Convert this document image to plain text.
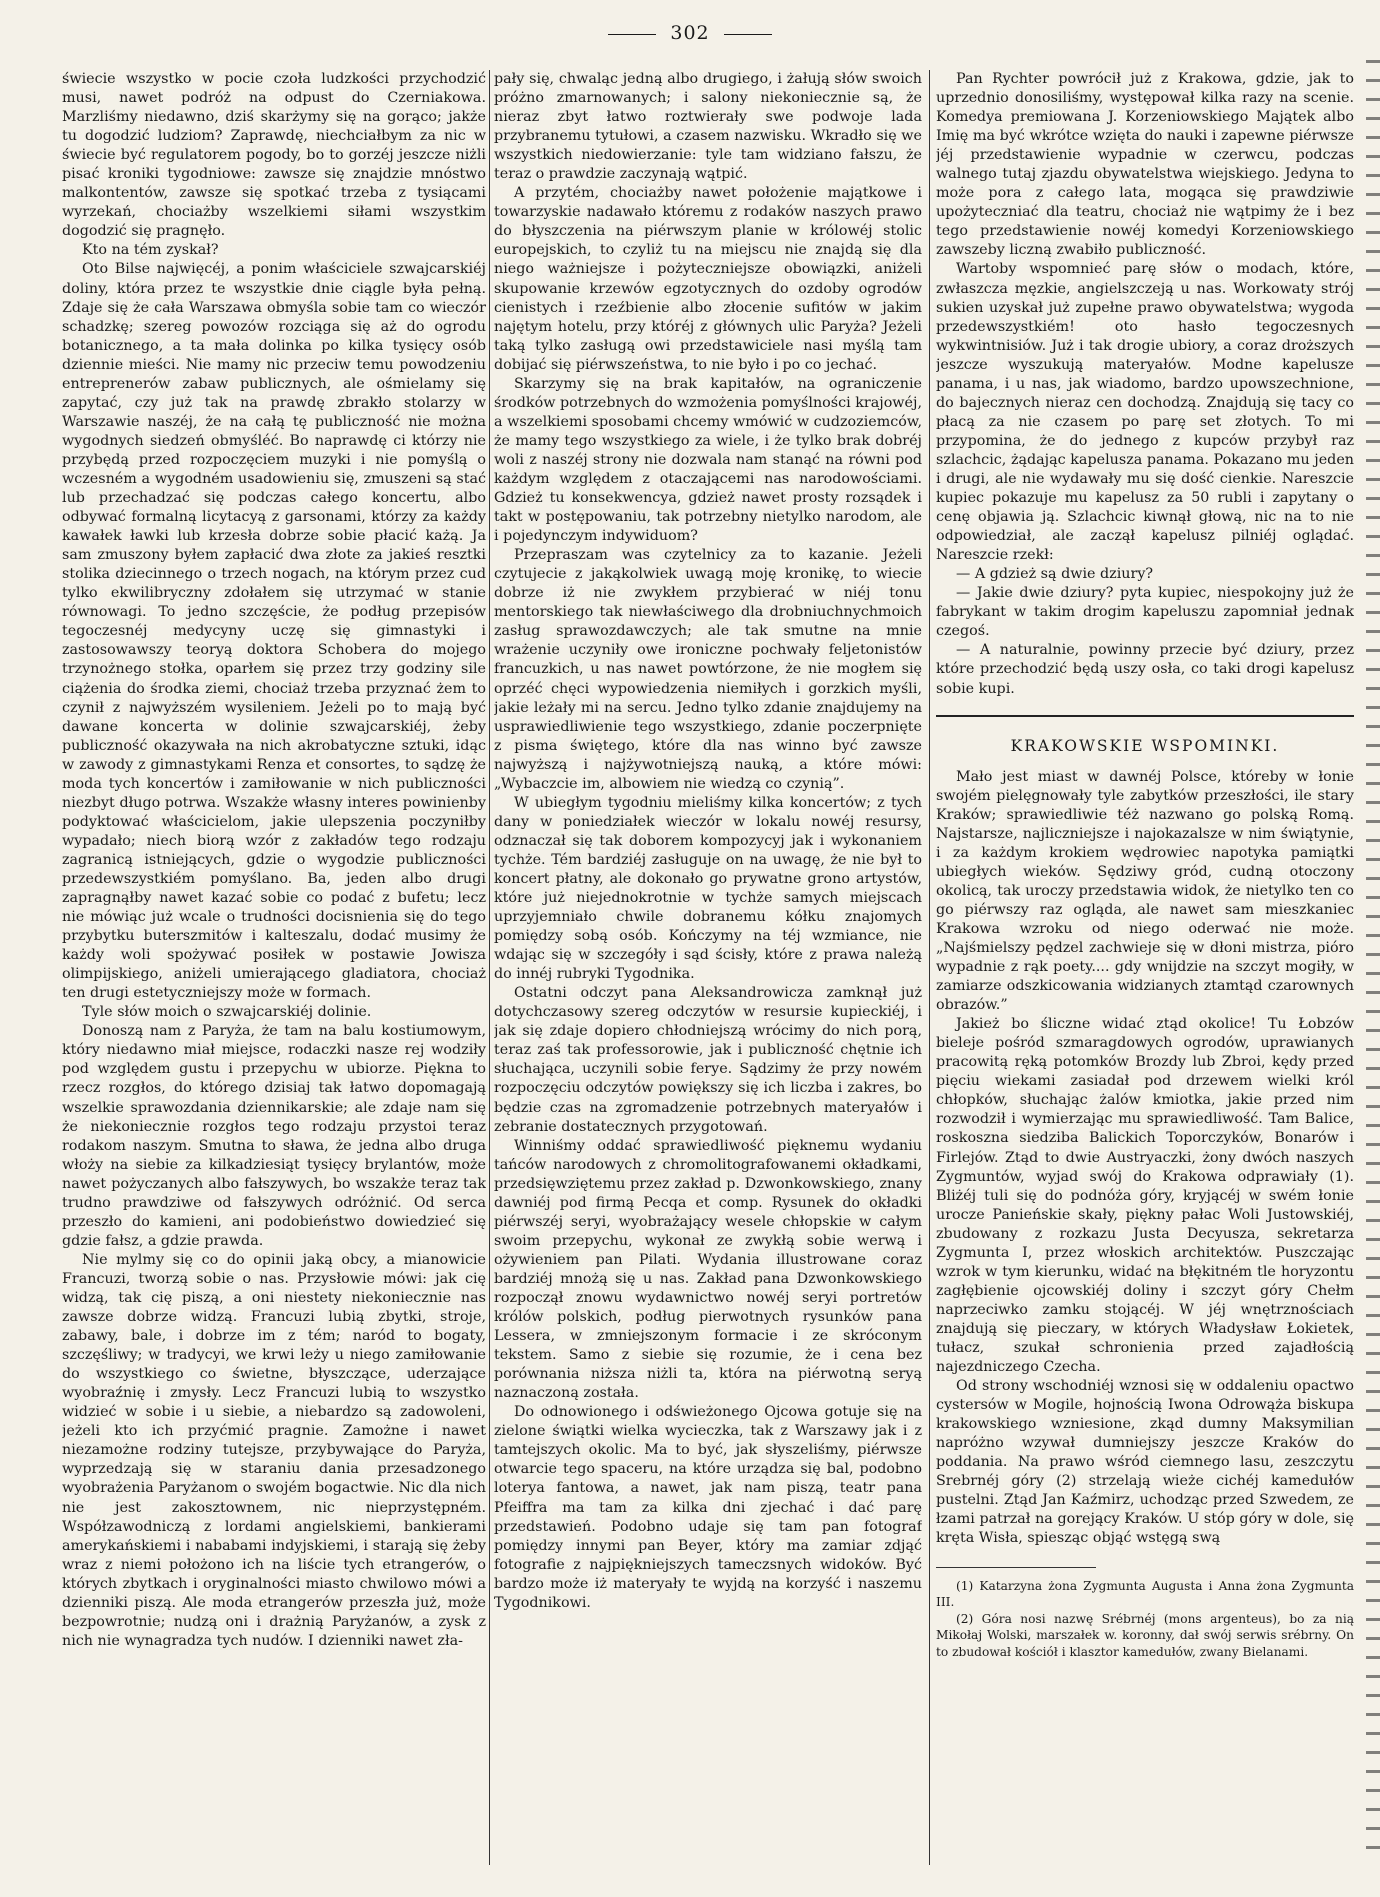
302

świecie wszystko w pocie czoła ludzkości przychodzić musi, nawet podróż na odpust do Czerniakowa. Marzliśmy niedawno, dziś skarżymy się na gorąco; jakże tu dogodzić ludziom? Zaprawdę, niechciałbym za nic w świecie być regulatorem pogody, bo to gorzéj jeszcze niżli pisać kroniki tygodniowe: zawsze się znajdzie mnóstwo malkontentów, zawsze się spotkać trzeba z tysiącami wyrzekań, chociażby wszelkiemi siłami wszystkim dogodzić się pragnęło.

Kto na tém zyskał?

Oto Bilse najwięcéj, a ponim właściciele szwajcarskiéj doliny, która przez te wszystkie dnie ciągle była pełną. Zdaje się że cała Warszawa obmyśla sobie tam co wieczór schadzkę; szereg powozów rozciąga się aż do ogrodu botanicznego, a ta mała dolinka po kilka tysięcy osób dziennie mieści. Nie mamy nic przeciw temu powodzeniu entreprenerów zabaw publicznych, ale ośmielamy się zapytać, czy już tak na prawdę zbrakło stolarzy w Warszawie naszéj, że na całą tę publiczność nie można wygodnych siedzeń obmyśléć. Bo naprawdę ci którzy nie przybędą przed rozpoczęciem muzyki i nie pomyślą o wczesném a wygodném usadowieniu się, zmuszeni są stać lub przechadzać się podczas całego koncertu, albo odbywać formalną licytacyą z garsonami, którzy za każdy kawałek ławki lub krzesła dobrze sobie płacić każą. Ja sam zmuszony byłem zapłacić dwa złote za jakieś resztki stolika dziecinnego o trzech nogach, na którym przez cud tylko ekwilibryczny zdołałem się utrzymać w stanie równowagi. To jedno szczęście, że podług przepisów tegoczesnéj medycyny uczę się gimnastyki i zastosowawszy teoryą doktora Schobera do mojego trzynożnego stołka, oparłem się przez trzy godziny sile ciążenia do środka ziemi, chociaż trzeba przyznać żem to czynił z najwyższém wysileniem. Jeżeli po to mają być dawane koncerta w dolinie szwajcarskiéj, żeby publiczność okazywała na nich akrobatyczne sztuki, idąc w zawody z gimnastykami Renza et consortes, to sądzę że moda tych koncertów i zamiłowanie w nich publiczności niezbyt długo potrwa. Wszakże własny interes powinienby podyktować właścicielom, jakie ulepszenia poczyniłby wypadało; niech biorą wzór z zakładów tego rodzaju zagranicą istniejących, gdzie o wygodzie publiczności przedewszystkiém pomyślano. Ba, jeden albo drugi zapragnąłby nawet kazać sobie co podać z bufetu; lecz nie mówiąc już wcale o trudności docisnienia się do tego przybytku buterszmitów i kalteszalu, dodać musimy że każdy woli spożywać posiłek w postawie Jowisza olimpijskiego, aniżeli umierającego gladiatora, chociaż ten drugi estetyczniejszy może w formach.

Tyle słów moich o szwajcarskiéj dolinie.

Donoszą nam z Paryża, że tam na balu kostiumowym, który niedawno miał miejsce, rodaczki nasze rej wodziły pod względem gustu i przepychu w ubiorze. Piękna to rzecz rozgłos, do którego dzisiaj tak łatwo dopomagają wszelkie sprawozdania dziennikarskie; ale zdaje nam się że niekoniecznie rozgłos tego rodzaju przystoi teraz rodakom naszym. Smutna to sława, że jedna albo druga włoży na siebie za kilkadziesiąt tysięcy brylantów, może nawet pożyczanych albo fałszywych, bo wszakże teraz tak trudno prawdziwe od fałszywych odróżnić. Od serca przeszło do kamieni, ani podobieństwo dowiedzieć się gdzie fałsz, a gdzie prawda.

Nie mylmy się co do opinii jaką obcy, a mianowicie Francuzi, tworzą sobie o nas. Przysłowie mówi: jak cię widzą, tak cię piszą, a oni niestety niekoniecznie nas zawsze dobrze widzą. Francuzi lubią zbytki, stroje, zabawy, bale, i dobrze im z tém; naród to bogaty, szczęśliwy; w tradycyi, we krwi leży u niego zamiłowanie do wszystkiego co świetne, błyszczące, uderzające wyobraźnię i zmysły. Lecz Francuzi lubią to wszystko widzieć w sobie i u siebie, a niebardzo są zadowoleni, jeżeli kto ich przyćmić pragnie. Zamożne i nawet niezamożne rodziny tutejsze, przybywające do Paryża, wyprzedzają się w staraniu dania przesadzonego wyobrażenia Paryżanom o swojém bogactwie. Nic dla nich nie jest zakosztownem, nic nieprzystępném. Współzawodniczą z lordami angielskiemi, bankierami amerykańskiemi i nababami indyjskiemi, i starają się żeby wraz z niemi położono ich na liście tych etrangerów, o których zbytkach i oryginalności miasto chwilowo mówi a dzienniki piszą. Ale moda etrangerów przeszła już, może bezpowrotnie; nudzą oni i drażnią Paryżanów, a zysk z nich nie wynagradza tych nudów. I dzienniki nawet zła-

pały się, chwaląc jedną albo drugiego, i żałują słów swoich próżno zmarnowanych; i salony niekoniecznie są, że nieraz zbyt łatwo roztwierały swe podwoje lada przybranemu tytułowi, a czasem nazwisku. Wkradło się we wszystkich niedowierzanie: tyle tam widziano fałszu, że teraz o prawdzie zaczynają wątpić.

A przytém, chociażby nawet położenie majątkowe i towarzyskie nadawało któremu z rodaków naszych prawo do błyszczenia na piérwszym planie w królowéj stolic europejskich, to czyliż tu na miejscu nie znajdą się dla niego ważniejsze i pożyteczniejsze obowiązki, aniżeli skupowanie krzewów egzotycznych do ozdoby ogrodów cienistych i rzeźbienie albo złocenie sufitów w jakim najętym hotelu, przy któréj z głównych ulic Paryża? Jeżeli taką tylko zasługą owi przedstawiciele nasi myślą tam dobijać się piérwszeństwa, to nie było i po co jechać.

Skarzymy się na brak kapitałów, na ograniczenie środków potrzebnych do wzmożenia pomyślności krajowéj, a wszelkiemi sposobami chcemy wmówić w cudzoziemców, że mamy tego wszystkiego za wiele, i że tylko brak dobréj woli z naszéj strony nie dozwala nam stanąć na równi pod każdym względem z otaczającemi nas narodowościami. Gdzież tu konsekwencya, gdzież nawet prosty rozsądek i takt w postępowaniu, tak potrzebny nietylko narodom, ale i pojedynczym indywiduom?

Przepraszam was czytelnicy za to kazanie. Jeżeli czytujecie z jakąkolwiek uwagą moję kronikę, to wiecie dobrze iż nie zwykłem przybierać w niéj tonu mentorskiego tak niewłaściwego dla drobniuchnychmoich zasług sprawozdawczych; ale tak smutne na mnie wrażenie uczyniły owe ironiczne pochwały feljetonistów francuzkich, u nas nawet powtórzone, że nie mogłem się oprzéć chęci wypowiedzenia niemiłych i gorzkich myśli, jakie leżały mi na sercu. Jedno tylko zdanie znajdujemy na usprawiedliwienie tego wszystkiego, zdanie poczerpnięte z pisma świętego, które dla nas winno być zawsze najwyższą i najżywotniejszą nauką, a które mówi: „Wybaczcie im, albowiem nie wiedzą co czynią”.

W ubiegłym tygodniu mieliśmy kilka koncertów; z tych dany w poniedziałek wieczór w lokalu nowéj resursy, odznaczał się tak doborem kompozycyj jak i wykonaniem tychże. Tém bardziéj zasługuje on na uwagę, że nie był to koncert płatny, ale dokonało go prywatne grono artystów, które już niejednokrotnie w tychże samych miejscach uprzyjemniało chwile dobranemu kółku znajomych pomiędzy sobą osób. Kończymy na téj wzmiance, nie wdając się w szczegóły i sąd ścisły, które z prawa należą do innéj rubryki Tygodnika.

Ostatni odczyt pana Aleksandrowicza zamknął już dotychczasowy szereg odczytów w resursie kupieckiéj, i jak się zdaje dopiero chłodniejszą wrócimy do nich porą, teraz zaś tak professorowie, jak i publiczność chętnie ich słuchająca, uczynili sobie ferye. Sądzimy że przy nowém rozpoczęciu odczytów powiększy się ich liczba i zakres, bo będzie czas na zgromadzenie potrzebnych materyałów i zebranie dostatecznych przygotowań.

Winniśmy oddać sprawiedliwość pięknemu wydaniu tańców narodowych z chromolitografowanemi okładkami, przedsięwziętemu przez zakład p. Dzwonkowskiego, znany dawniéj pod firmą Pecqa et comp. Rysunek do okładki piérwszéj seryi, wyobrażający wesele chłopskie w całym swoim przepychu, wykonał ze zwykłą sobie werwą i ożywieniem pan Pilati. Wydania illustrowane coraz bardziéj mnożą się u nas. Zakład pana Dzwonkowskiego rozpoczął znowu wydawnictwo nowéj seryi portretów królów polskich, podług pierwotnych rysunków pana Lessera, w zmniejszonym formacie i ze skróconym tekstem. Samo z siebie się rozumie, że i cena bez porównania niższa niżli ta, która na piérwotną seryą naznaczoną została.

Do odnowionego i odświeżonego Ojcowa gotuje się na zielone świątki wielka wycieczka, tak z Warszawy jak i z tamtejszych okolic. Ma to być, jak słyszeliśmy, piérwsze otwarcie tego spaceru, na które urządza się bal, podobno loterya fantowa, a nawet, jak nam piszą, teatr pana Pfeiffra ma tam za kilka dni zjechać i dać parę przedstawień. Podobno udaje się tam pan fotograf pomiędzy innymi pan Beyer, który ma zamiar zdjąć fotografie z najpiękniejszych tameczsnych widoków. Być bardzo może iż materyały te wyjdą na korzyść i naszemu Tygodnikowi.

Pan Rychter powrócił już z Krakowa, gdzie, jak to uprzednio donosiliśmy, występował kilka razy na scenie. Komedya premiowana J. Korzeniowskiego Majątek albo Imię ma być wkrótce wzięta do nauki i zapewne piérwsze jéj przedstawienie wypadnie w czerwcu, podczas walnego tutaj zjazdu obywatelstwa wiejskiego. Jedyna to może pora z całego lata, mogąca się prawdziwie upożyteczniać dla teatru, chociaż nie wątpimy że i bez tego przedstawienie nowéj komedyi Korzeniowskiego zawszeby liczną zwabiło publiczność.

Wartoby wspomnieć parę słów o modach, które, zwłaszcza męzkie, angielszczeją u nas. Workowaty strój sukien uzyskał już zupełne prawo obywatelstwa; wygoda przedewszystkiém! oto hasło tegoczesnych wykwintnisiów. Już i tak drogie ubiory, a coraz droższych jeszcze wyszukują materyałów. Modne kapelusze panama, i u nas, jak wiadomo, bardzo upowszechnione, do bajecznych nieraz cen dochodzą. Znajdują się tacy co płacą za nie czasem po parę set złotych. To mi przypomina, że do jednego z kupców przybył raz szlachcic, żądając kapelusza panama. Pokazano mu jeden i drugi, ale nie wydawały mu się dość cienkie. Nareszcie kupiec pokazuje mu kapelusz za 50 rubli i zapytany o cenę objawia ją. Szlachcic kiwnął głową, nic na to nie odpowiedział, ale zaczął kapelusz pilniéj oglądać. Nareszcie rzekł:

— A gdzież są dwie dziury?

— Jakie dwie dziury? pyta kupiec, niespokojny już że fabrykant w takim drogim kapeluszu zapomniał jednak czegoś.

— A naturalnie, powinny przecie być dziury, przez które przechodzić będą uszy osła, co taki drogi kapelusz sobie kupi.

KRAKOWSKIE WSPOMINKI.

Mało jest miast w dawnéj Polsce, któreby w łonie swojém pielęgnowały tyle zabytków przeszłości, ile stary Kraków; sprawiedliwie téż nazwano go polską Romą. Najstarsze, najliczniejsze i najokazalsze w nim świątynie, i za każdym krokiem wędrowiec napotyka pamiątki ubiegłych wieków. Sędziwy gród, cudną otoczony okolicą, tak uroczy przedstawia widok, że nietylko ten co go piérwszy raz ogląda, ale nawet sam mieszkaniec Krakowa wzroku od niego oderwać nie może. „Najśmielszy pędzel zachwieje się w dłoni mistrza, pióro wypadnie z rąk poety.... gdy wnijdzie na szczyt mogiły, w zamiarze odszkicowania widzianych ztamtąd czarownych obrazów.”

Jakież bo śliczne widać ztąd okolice! Tu Łobzów bieleje pośród szmaragdowych ogrodów, uprawianych pracowitą ręką potomków Brozdy lub Zbroi, kędy przed pięciu wiekami zasiadał pod drzewem wielki król chłopków, słuchając żalów kmiotka, jakie przed nim rozwodził i wymierzając mu sprawiedliwość. Tam Balice, roskoszna siedziba Balickich Toporczyków, Bonarów i Firlejów. Ztąd to dwie Austryaczki, żony dwóch naszych Zygmuntów, wyjad swój do Krakowa odprawiały (1). Bliżéj tuli się do podnóża góry, kryjącéj w swém łonie urocze Panieńskie skały, piękny pałac Woli Justowskiéj, zbudowany z rozkazu Justa Decyusza, sekretarza Zygmunta I, przez włoskich architektów. Puszczając wzrok w tym kierunku, widać na błękitném tle horyzontu zagłębienie ojcowskiéj doliny i szczyt góry Chełm naprzeciwko zamku stojącéj. W jéj wnętrznościach znajdują się pieczary, w których Władysław Łokietek, tułacz, szukał schronienia przed zajadłością najezdniczego Czecha.

Od strony wschodniéj wznosi się w oddaleniu opactwo cystersów w Mogile, hojnością Iwona Odrowąża biskupa krakowskiego wzniesione, zkąd dumny Maksymilian napróżno wzywał dumniejszy jeszcze Kraków do poddania. Na prawo wśród ciemnego lasu, zeszczytu Srebrnéj góry (2) strzelają wieże cichéj kamedułów pustelni. Ztąd Jan Kaźmirz, uchodząc przed Szwedem, ze łzami patrzał na gorejący Kraków. U stóp góry w dole, się kręta Wisła, spiesząc objąć wstęgą swą

(1) Katarzyna żona Zygmunta Augusta i Anna żona Zygmunta III.

(2) Góra nosi nazwę Srébrnéj (mons argenteus), bo za nią Mikołaj Wolski, marszałek w. koronny, dał swój serwis srébrny. On to zbudował kościół i klasztor kamedułów, zwany Bielanami.
